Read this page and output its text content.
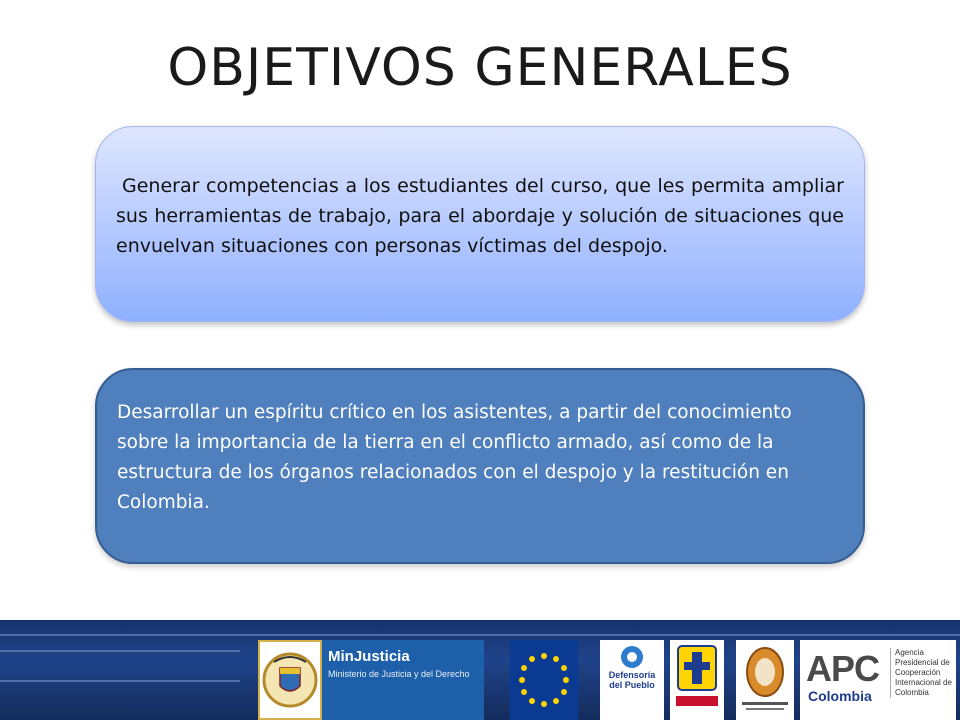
OBJETIVOS GENERALES

Generar competencias a los estudiantes del curso, que les permita ampliar sus herramientas de trabajo, para el abordaje y solución de situaciones que envuelvan situaciones con personas víctimas del despojo.

Desarrollar un espíritu crítico en los asistentes, a partir del conocimiento sobre la importancia de la tierra en el conflicto armado, así como de la estructura de los órganos relacionados con el despojo y la restitución en Colombia.

MinJusticia
Ministerio de Justicia y del Derecho	Defensoría
del Pueblo	APC
Colombia
Agencia Presidencial de Cooperación Internacional de Colombia
